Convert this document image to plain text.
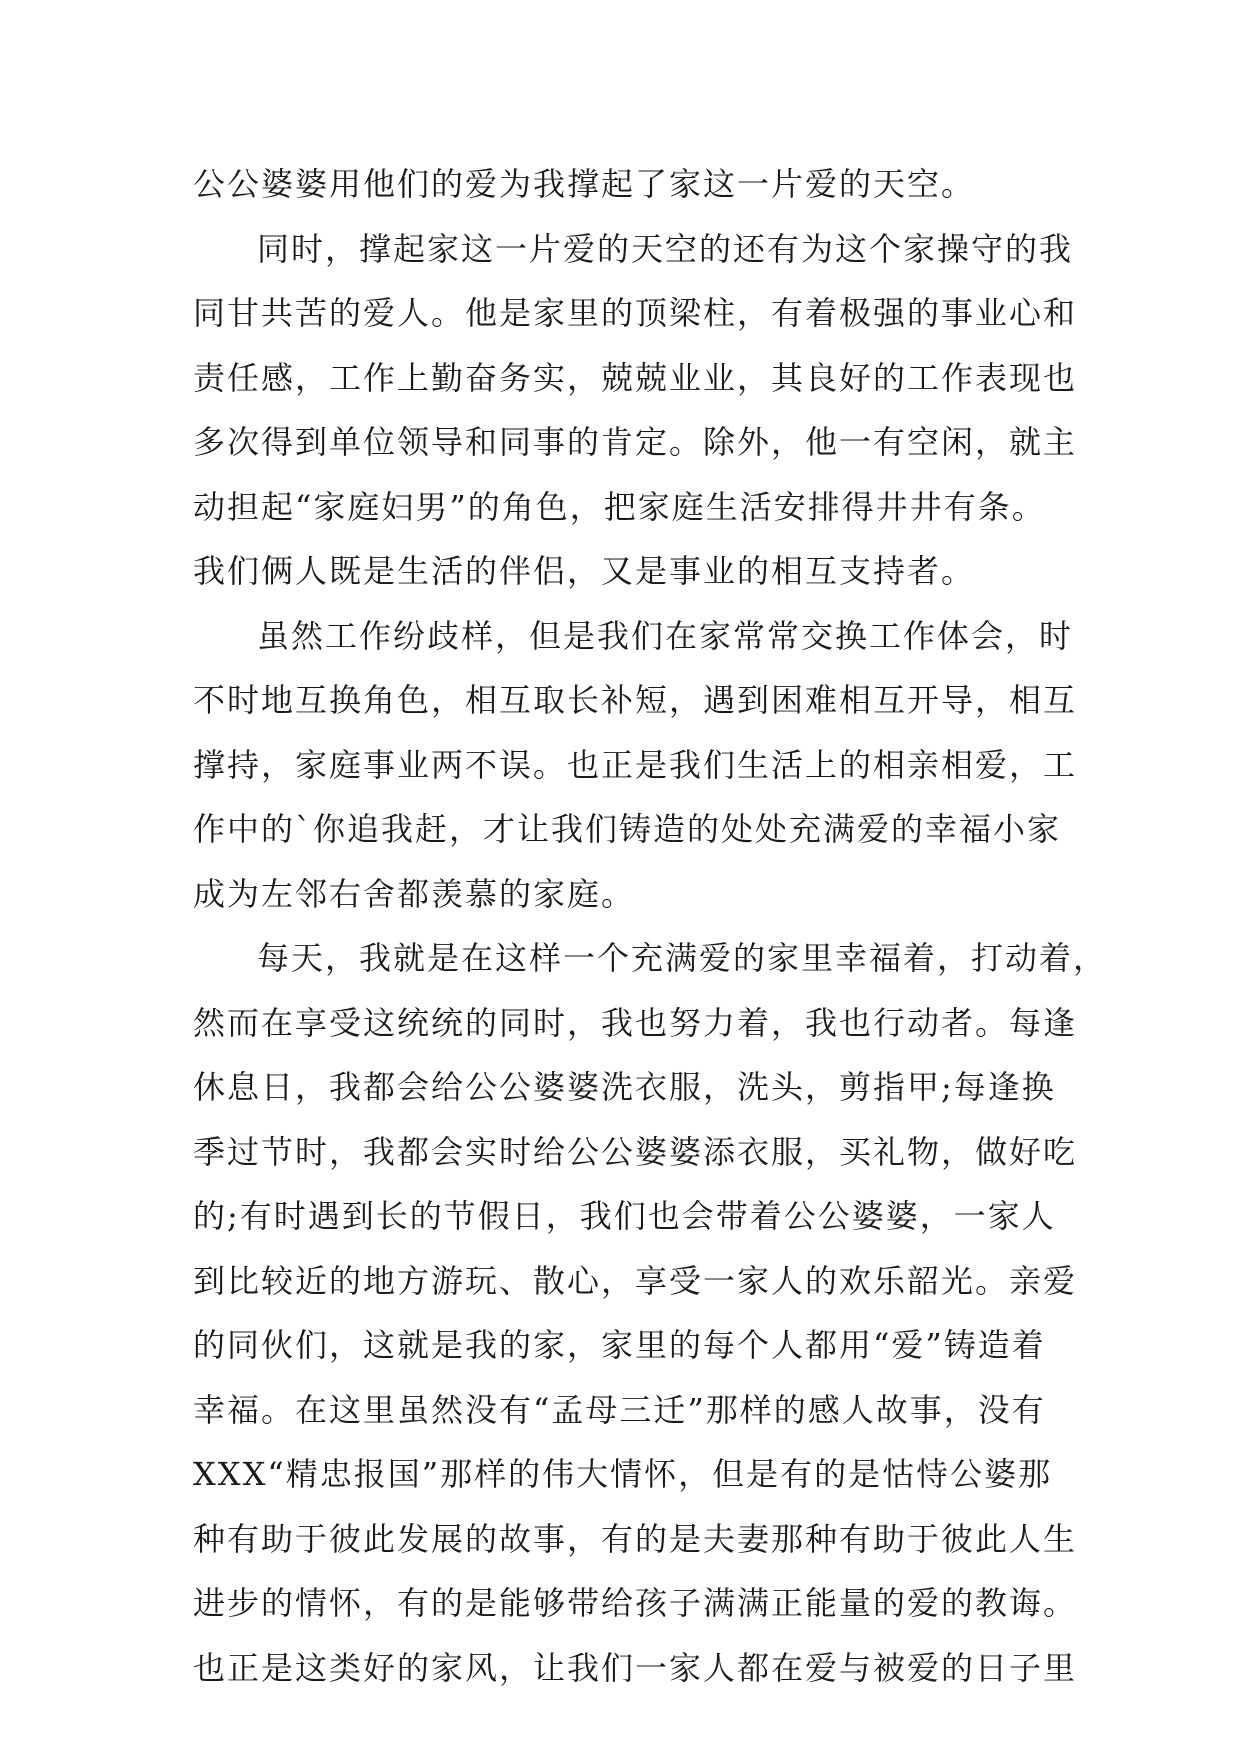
公公婆婆用他们的爱为我撑起了家这一片爱的天空。
同时，撑起家这一片爱的天空的还有为这个家操守的我
同甘共苦的爱人。他是家里的顶梁柱，有着极强的事业心和
责任感，工作上勤奋务实，兢兢业业，其良好的工作表现也
多次得到单位领导和同事的肯定。除外，他一有空闲，就主
动担起“家庭妇男”的角色，把家庭生活安排得井井有条。
我们俩人既是生活的伴侣，又是事业的相互支持者。
虽然工作纷歧样，但是我们在家常常交换工作体会，时
不时地互换角色，相互取长补短，遇到困难相互开导，相互
撑持，家庭事业两不误。也正是我们生活上的相亲相爱，工
作中的`你追我赶，才让我们铸造的处处充满爱的幸福小家
成为左邻右舍都羡慕的家庭。
每天，我就是在这样一个充满爱的家里幸福着，打动着，
然而在享受这统统的同时，我也努力着，我也行动者。每逢
休息日，我都会给公公婆婆洗衣服，洗头，剪指甲;每逢换
季过节时，我都会实时给公公婆婆添衣服，买礼物，做好吃
的;有时遇到长的节假日，我们也会带着公公婆婆，一家人
到比较近的地方游玩、散心，享受一家人的欢乐韶光。亲爱
的同伙们，这就是我的家，家里的每个人都用“爱”铸造着
幸福。在这里虽然没有“孟母三迁”那样的感人故事，没有
XXX“精忠报国”那样的伟大情怀，但是有的是怙恃公婆那
种有助于彼此发展的故事，有的是夫妻那种有助于彼此人生
进步的情怀，有的是能够带给孩子满满正能量的爱的教诲。
也正是这类好的家风，让我们一家人都在爱与被爱的日子里
